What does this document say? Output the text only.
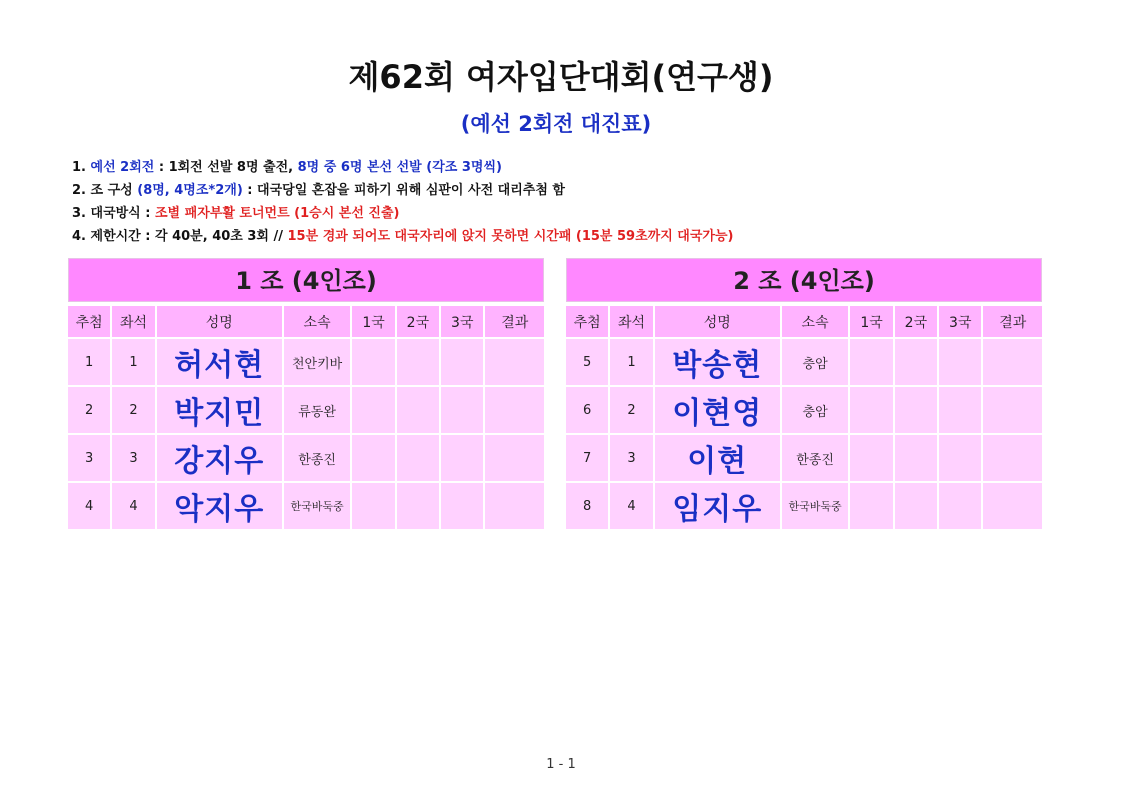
제62회 여자입단대회(연구생)
(예선 2회전 대진표)
1. 예선 2회전 : 1회전 선발 8명 출전, 8명 중 6명 본선 선발 (각조 3명씩)
2. 조 구성 (8명, 4명조*2개) : 대국당일 혼잡을 피하기 위해 심판이 사전 대리추첨 함
3. 대국방식 : 조별 패자부활 토너먼트 (1승시 본선 진출)
4. 제한시간 : 각 40분, 40초 3회 // 15분 경과 되어도 대국자리에 앉지 못하면 시간패 (15분 59초까지 대국가능)
1 조 (4인조)
추첨	좌석	성명	소속	1국	2국	3국	결과
1	1	허서현	천안키바				
2	2	박지민	류동완				
3	3	강지우	한종진				
4	4	악지우	한국바둑중				
2 조 (4인조)
추첨	좌석	성명	소속	1국	2국	3국	결과
5	1	박송현	충암				
6	2	이현영	충암				
7	3	이현	한종진				
8	4	임지우	한국바둑중				
1 - 1
